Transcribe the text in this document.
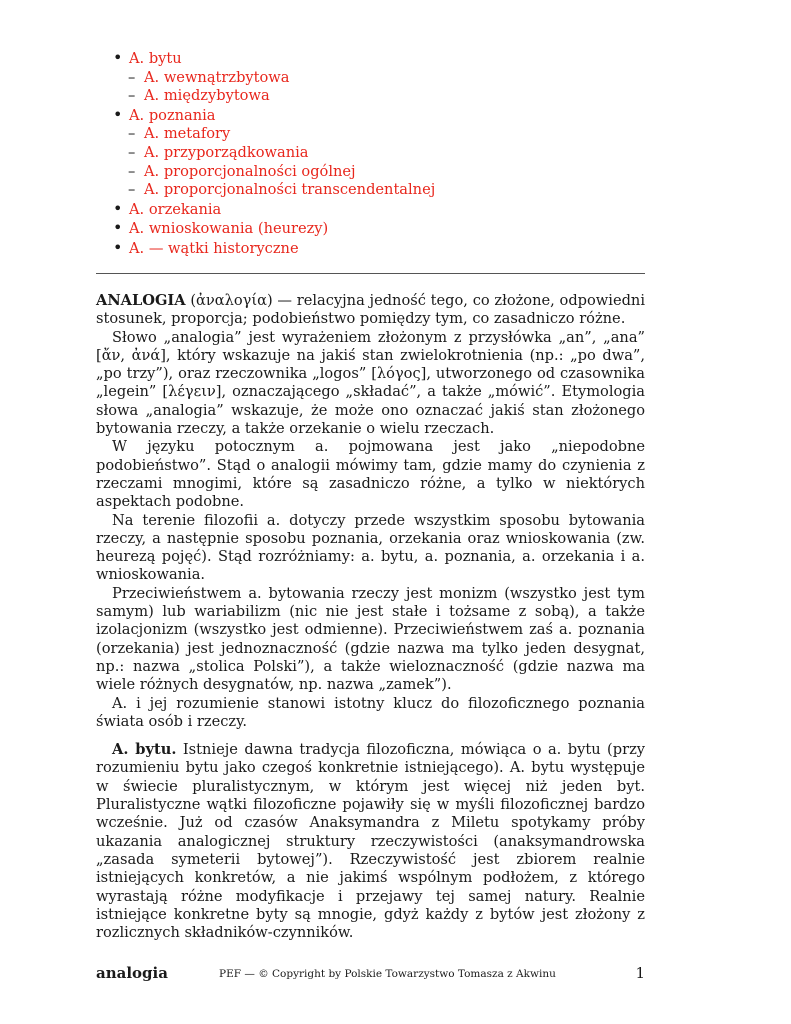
• A. bytu
– A. wewnątrzbytowa
– A. międzybytowa
• A. poznania
– A. metafory
– A. przyporządkowania
– A. proporcjonalności ogólnej
– A. proporcjonalności transcendentalnej
• A. orzekania
• A. wnioskowania (heurezy)
• A. — wątki historyczne

ANALOGIA (ἀναλογία) — relacyjna jedność tego, co złożone, odpowiedni stosunek, proporcja; podobieństwo pomiędzy tym, co zasadniczo różne.

Słowo „analogia” jest wyrażeniem złożonym z przysłówka „an”, „ana” [ἄν, ἀνά], który wskazuje na jakiś stan zwielokrotnienia (np.: „po dwa”, „po trzy”), oraz rzeczownika „logos” [λόγος], utworzonego od czasownika „legein” [λέγειν], oznaczającego „składać”, a także „mówić”. Etymologia słowa „analogia” wskazuje, że może ono oznaczać jakiś stan złożonego bytowania rzeczy, a także orzekanie o wielu rzeczach.

W języku potocznym a. pojmowana jest jako „niepodobne podobieństwo”. Stąd o analogii mówimy tam, gdzie mamy do czynienia z rzeczami mnogimi, które są zasadniczo różne, a tylko w niektórych aspektach podobne.

Na terenie filozofii a. dotyczy przede wszystkim sposobu bytowania rzeczy, a następnie sposobu poznania, orzekania oraz wnioskowania (zw. heurezą pojęć). Stąd rozróżniamy: a. bytu, a. poznania, a. orzekania i a. wnioskowania.

Przeciwieństwem a. bytowania rzeczy jest monizm (wszystko jest tym samym) lub wariabilizm (nic nie jest stałe i tożsame z sobą), a także izolacjonizm (wszystko jest odmienne). Przeciwieństwem zaś a. poznania (orzekania) jest jednoznaczność (gdzie nazwa ma tylko jeden desygnat, np.: nazwa „stolica Polski”), a także wieloznaczność (gdzie nazwa ma wiele różnych desygnatów, np. nazwa „zamek”).

A. i jej rozumienie stanowi istotny klucz do filozoficznego poznania świata osób i rzeczy.

A. bytu. Istnieje dawna tradycja filozoficzna, mówiąca o a. bytu (przy rozumieniu bytu jako czegoś konkretnie istniejącego). A. bytu występuje w świecie pluralistycznym, w którym jest więcej niż jeden byt. Pluralistyczne wątki filozoficzne pojawiły się w myśli filozoficznej bardzo wcześnie. Już od czasów Anaksymandra z Miletu spotykamy próby ukazania analogicznej struktury rzeczywistości (anaksymandrowska „zasada symeterii bytowej”). Rzeczywistość jest zbiorem realnie istniejących konkretów, a nie jakimś wspólnym podłożem, z którego wyrastają różne modyfikacje i przejawy tej samej natury. Realnie istniejące konkretne byty są mnogie, gdyż każdy z bytów jest złożony z rozlicznych składników-czynników.

analogia	PEF — © Copyright by Polskie Towarzystwo Tomasza z Akwinu	1
